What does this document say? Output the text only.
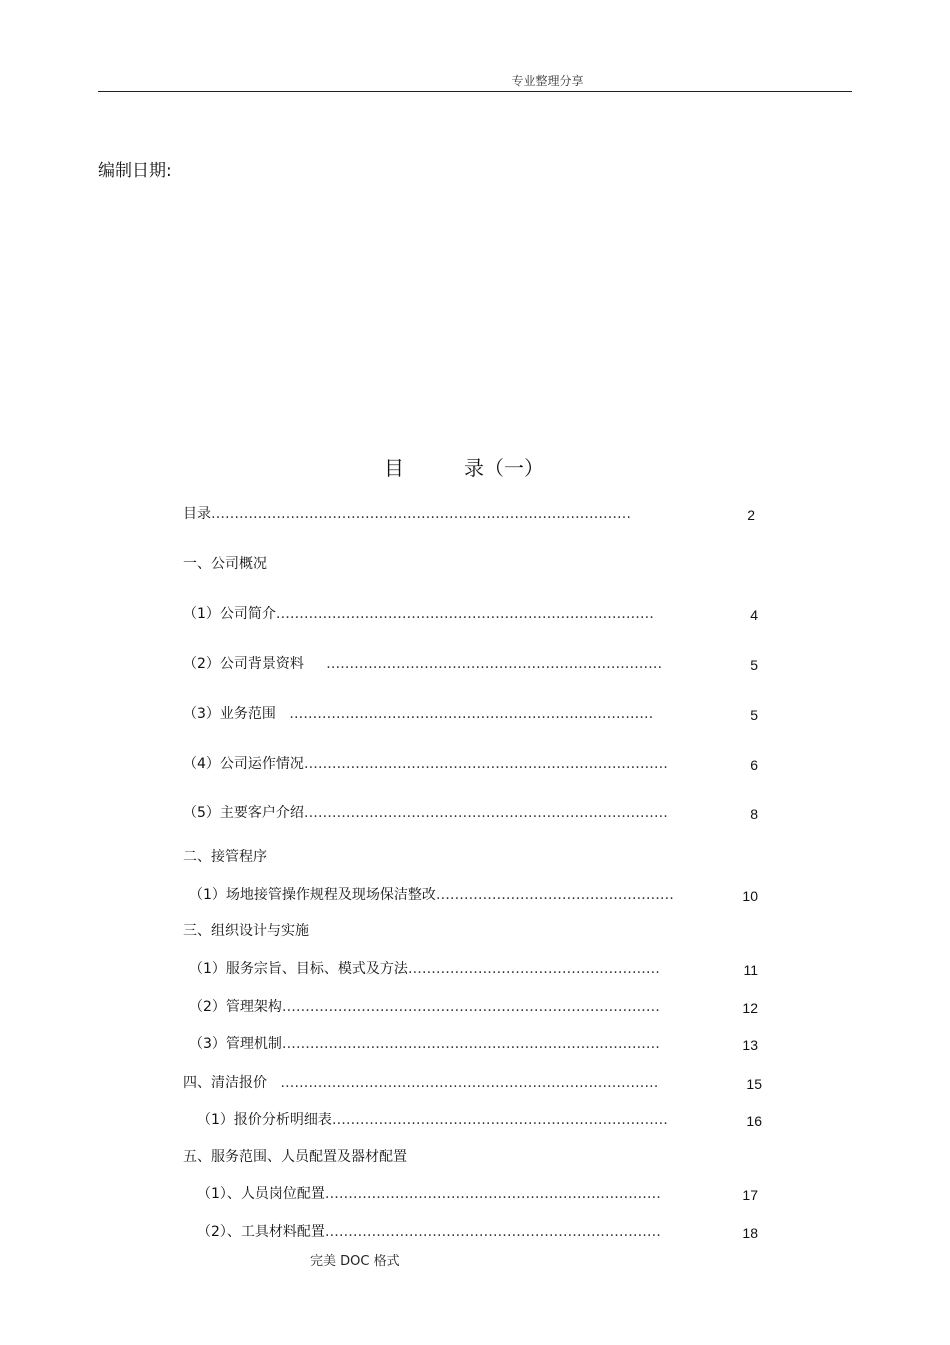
专业整理分享
编制日期:
目	录（一）
目录………………………………………………………………………………	2
一、公司概况
（1）公司简介………………………………………………………………………	4
（2）公司背景资料     ………………………………………………………………	5
（3）业务范围   ……………………………………………………………………	5
（4）公司运作情况……………………………………………………………………	6
（5）主要客户介绍……………………………………………………………………	8
二、接管程序
（1）场地接管操作规程及现场保洁整改……………………………………………	10
三、组织设计与实施
（1）服务宗旨、目标、模式及方法………………………………………………	11
（2）管理架构………………………………………………………………………	12
（3）管理机制………………………………………………………………………	13
四、清洁报价   ………………………………………………………………………	15
（1）报价分析明细表………………………………………………………………	16
五、服务范围、人员配置及器材配置
（1）、人员岗位配置………………………………………………………………	17
（2）、工具材料配置………………………………………………………………	18
完美 DOC 格式
